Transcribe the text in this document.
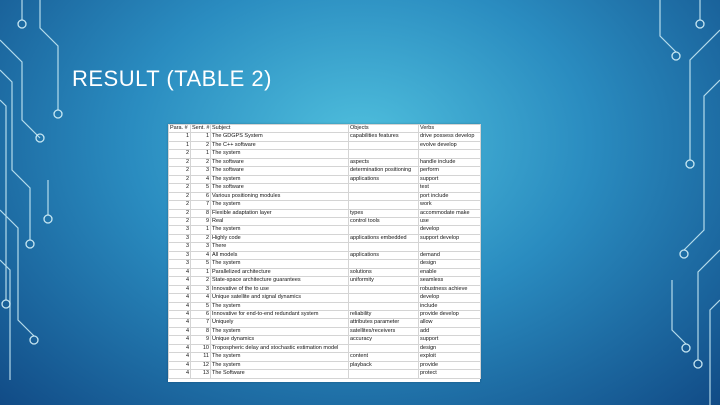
RESULT (TABLE 2)
Para. #	Sent. #	Subject	Objects	Verbs
1	1	The GDGPS System	capabilities features	drive possess develop
1	2	The C++ software		evolve develop
2	1	The system		
2	2	The software	aspects	handle include
2	3	The software	determination positioning	perform
2	4	The system	applications	support
2	5	The software		test
2	6	Various positioning modules		port include
2	7	The system		work
2	8	Flexible adaptation layer	types	accommodate make
2	9	Real	control tools	use
3	1	The system		develop
3	2	Highly code	applications embedded	support develop
3	3	There		
3	4	All models	applications	demand
3	5	The system		design
4	1	Parallelized architecture	solutions	enable
4	2	State-space architecture guarantees	uniformity	seamless
4	3	Innovative of the to use		robustness achieve
4	4	Unique satellite and signal dynamics		develop
4	5	The system		include
4	6	Innovative for end-to-end redundant system	reliability	provide develop
4	7	Uniquely	attributes parameter	allow
4	8	The system	satellites/receivers	add
4	9	Unique dynamics	accuracy	support
4	10	Tropospheric delay and stochastic estimation model		design
4	11	The system	content	exploit
4	12	The system	playback	provide
4	13	The Software		protect
